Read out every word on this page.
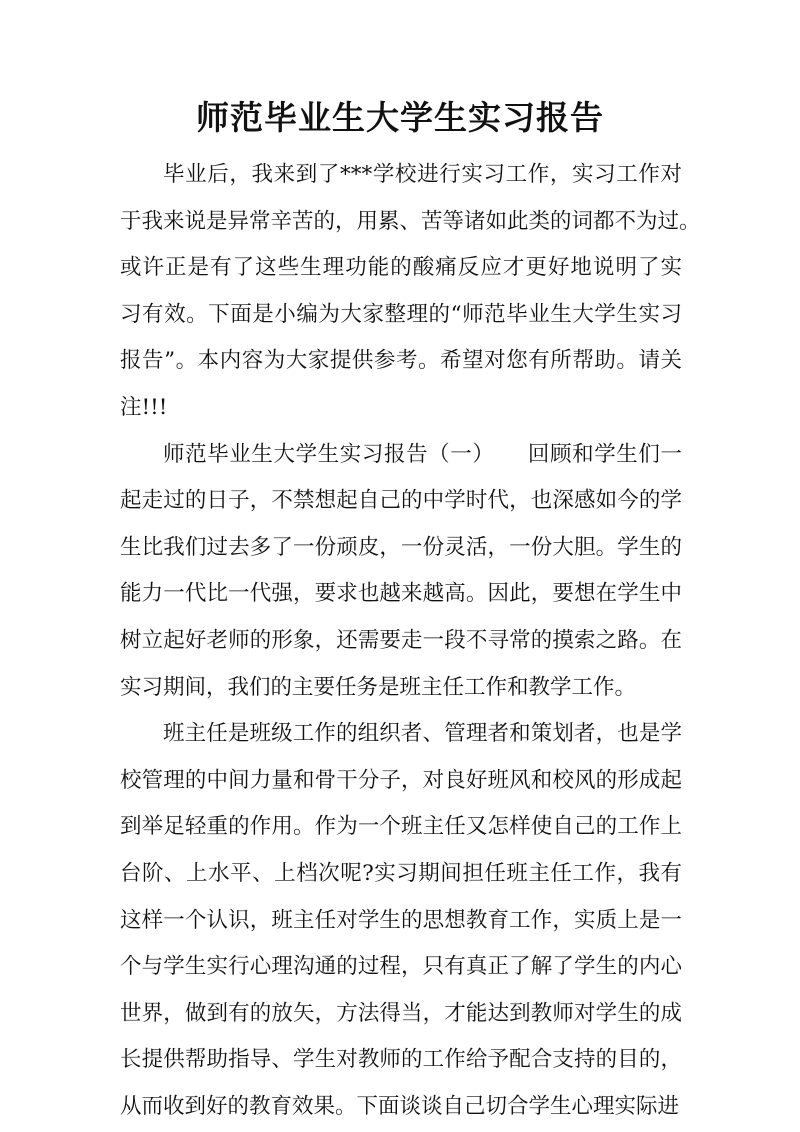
师范毕业生大学生实习报告
毕业后，我来到了***学校进行实习工作，实习工作对
于我来说是异常辛苦的，用累、苦等诸如此类的词都不为过。
或许正是有了这些生理功能的酸痛反应才更好地说明了实
习有效。下面是小编为大家整理的“师范毕业生大学生实习
报告”。本内容为大家提供参考。希望对您有所帮助。请关
注!!!
师范毕业生大学生实习报告（一）　　回顾和学生们一
起走过的日子，不禁想起自己的中学时代，也深感如今的学
生比我们过去多了一份顽皮，一份灵活，一份大胆。学生的
能力一代比一代强，要求也越来越高。因此，要想在学生中
树立起好老师的形象，还需要走一段不寻常的摸索之路。在
实习期间，我们的主要任务是班主任工作和教学工作。
班主任是班级工作的组织者、管理者和策划者，也是学
校管理的中间力量和骨干分子，对良好班风和校风的形成起
到举足轻重的作用。作为一个班主任又怎样使自己的工作上
台阶、上水平、上档次呢?实习期间担任班主任工作，我有
这样一个认识，班主任对学生的思想教育工作，实质上是一
个与学生实行心理沟通的过程，只有真正了解了学生的内心
世界，做到有的放矢，方法得当，才能达到教师对学生的成
长提供帮助指导、学生对教师的工作给予配合支持的目的，
从而收到好的教育效果。下面谈谈自己切合学生心理实际进
